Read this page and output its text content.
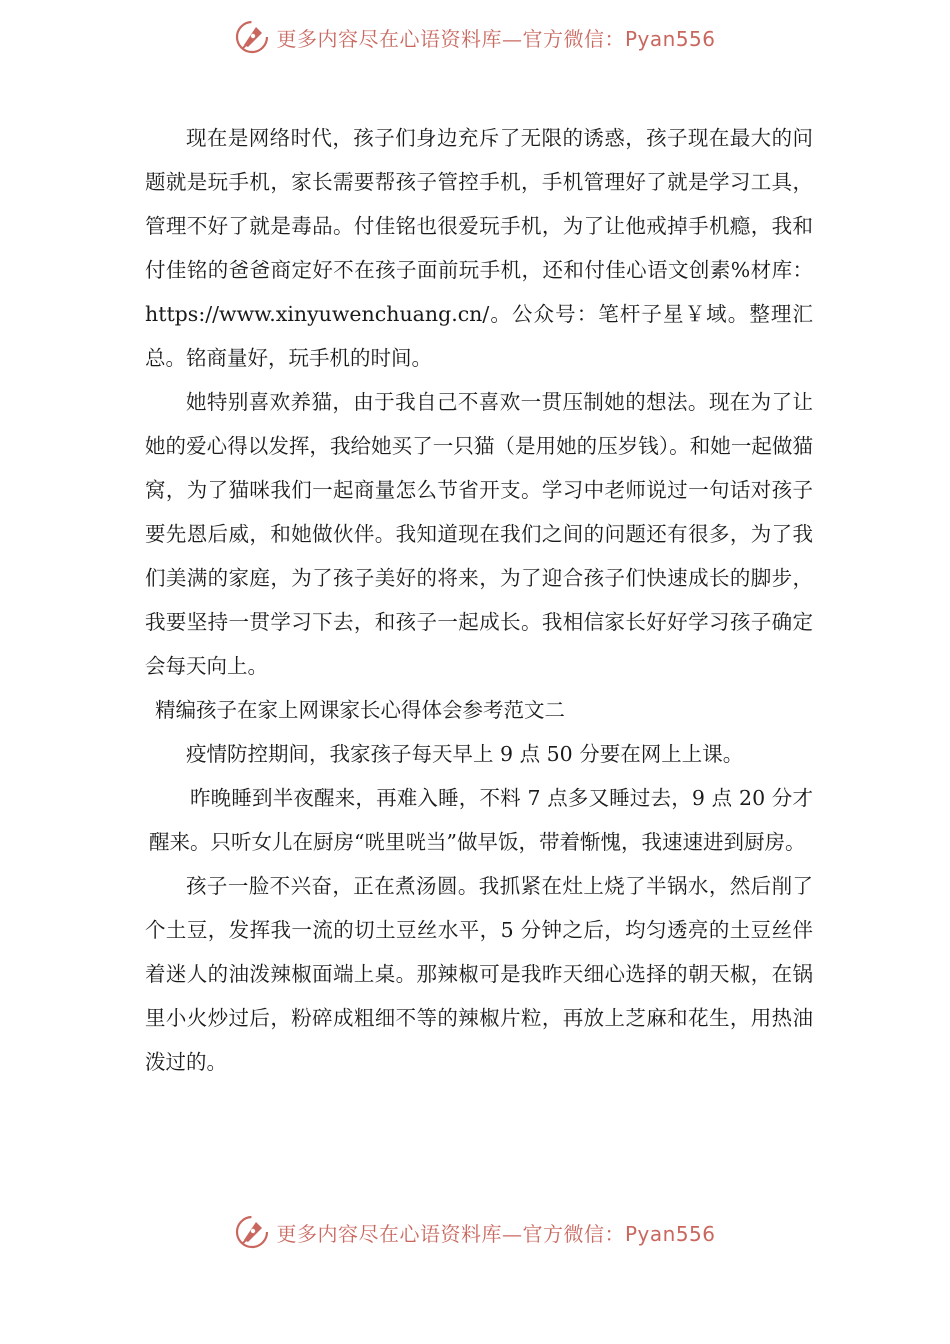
更多内容尽在心语资料库—官方微信：Pyan556

现在是网络时代，孩子们身边充斥了无限的诱惑，孩子现在最大的问题就是玩手机，家长需要帮孩子管控手机，手机管理好了就是学习工具，管理不好了就是毒品。付佳铭也很爱玩手机，为了让他戒掉手机瘾，我和付佳铭的爸爸商定好不在孩子面前玩手机，还和付佳心语文创素%材库：https://www.xinyuwenchuang.cn/。公众号：笔杆子星￥域。整理汇总。铭商量好，玩手机的时间。

她特别喜欢养猫，由于我自己不喜欢一贯压制她的想法。现在为了让她的爱心得以发挥，我给她买了一只猫（是用她的压岁钱）。和她一起做猫窝，为了猫咪我们一起商量怎么节省开支。学习中老师说过一句话对孩子要先恩后威，和她做伙伴。我知道现在我们之间的问题还有很多，为了我们美满的家庭，为了孩子美好的将来，为了迎合孩子们快速成长的脚步，我要坚持一贯学习下去，和孩子一起成长。我相信家长好好学习孩子确定会每天向上。

精编孩子在家上网课家长心得体会参考范文二

疫情防控期间，我家孩子每天早上 9 点 50 分要在网上上课。

昨晚睡到半夜醒来，再难入睡，不料 7 点多又睡过去，9 点 20 分才醒来。只听女儿在厨房“咣里咣当”做早饭，带着惭愧，我速速进到厨房。

孩子一脸不兴奋，正在煮汤圆。我抓紧在灶上烧了半锅水，然后削了个土豆，发挥我一流的切土豆丝水平，5 分钟之后，均匀透亮的土豆丝伴着迷人的油泼辣椒面端上桌。那辣椒可是我昨天细心选择的朝天椒，在锅里小火炒过后，粉碎成粗细不等的辣椒片粒，再放上芝麻和花生，用热油泼过的。

更多内容尽在心语资料库—官方微信：Pyan556
